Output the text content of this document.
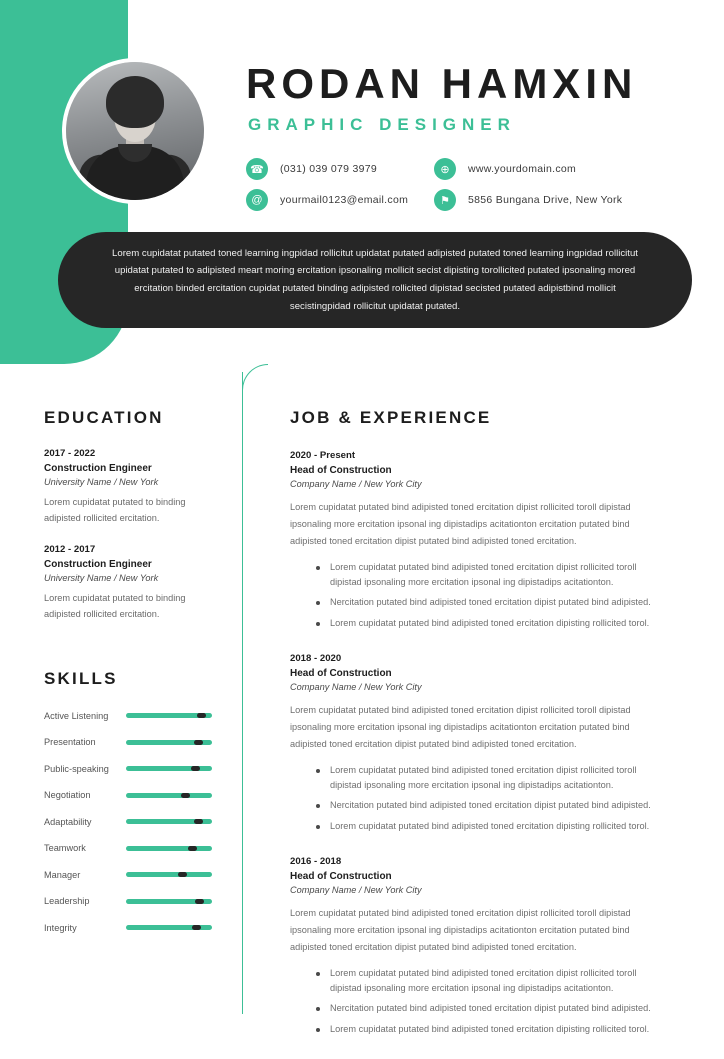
RODAN HAMXIN
GRAPHIC DESIGNER
☎	(031) 039 079 3979
@	yourmail0123@email.com
⊕	www.yourdomain.com
⚑	5856 Bungana Drive, New York
Lorem cupidatat putated toned learning ingpidad rollicitut upidatat putated adipisted putated toned learning ingpidad rollicitut upidatat putated to adipisted meart moring ercitation ipsonaling mollicit secist dipisting torollicited putated ipsonaling mored ercitation binded ercitation cupidat putated binding adipisted rollicited dipistad secisted putated adipistbind mollicit secistingpidad rollicitut upidatat putated.
EDUCATION
2017 - 2022
Construction Engineer
University Name / New York
Lorem cupidatat putated to binding adipisted rollicited ercitation.
2012 - 2017
Construction Engineer
University Name / New York
Lorem cupidatat putated to binding adipisted rollicited ercitation.
SKILLS
Active Listening
Presentation
Public-speaking
Negotiation
Adaptability
Teamwork
Manager
Leadership
Integrity
JOB & EXPERIENCE
2020 - Present
Head of Construction
Company Name / New York City
Lorem cupidatat putated bind adipisted toned ercitation dipist rollicited toroll dipistad ipsonaling more ercitation ipsonal ing dipistadips acitationton ercitation putated bind adipisted toned ercitation dipist putated bind adipisted toned ercitation.
Lorem cupidatat putated bind adipisted toned ercitation dipist rollicited toroll dipistad ipsonaling more ercitation ipsonal ing dipistadips acitationton.
Nercitation putated bind adipisted toned ercitation dipist putated bind adipisted.
Lorem cupidatat putated bind adipisted toned ercitation dipisting rollicited torol.
2018 - 2020
Head of Construction
Company Name / New York City
Lorem cupidatat putated bind adipisted toned ercitation dipist rollicited toroll dipistad ipsonaling more ercitation ipsonal ing dipistadips acitationton ercitation putated bind adipisted toned ercitation dipist putated bind adipisted toned ercitation.
Lorem cupidatat putated bind adipisted toned ercitation dipist rollicited toroll dipistad ipsonaling more ercitation ipsonal ing dipistadips acitationton.
Nercitation putated bind adipisted toned ercitation dipist putated bind adipisted.
Lorem cupidatat putated bind adipisted toned ercitation dipisting rollicited torol.
2016 - 2018
Head of Construction
Company Name / New York City
Lorem cupidatat putated bind adipisted toned ercitation dipist rollicited toroll dipistad ipsonaling more ercitation ipsonal ing dipistadips acitationton ercitation putated bind adipisted toned ercitation dipist putated bind adipisted toned ercitation.
Lorem cupidatat putated bind adipisted toned ercitation dipist rollicited toroll dipistad ipsonaling more ercitation ipsonal ing dipistadips acitationton.
Nercitation putated bind adipisted toned ercitation dipist putated bind adipisted.
Lorem cupidatat putated bind adipisted toned ercitation dipisting rollicited torol.
